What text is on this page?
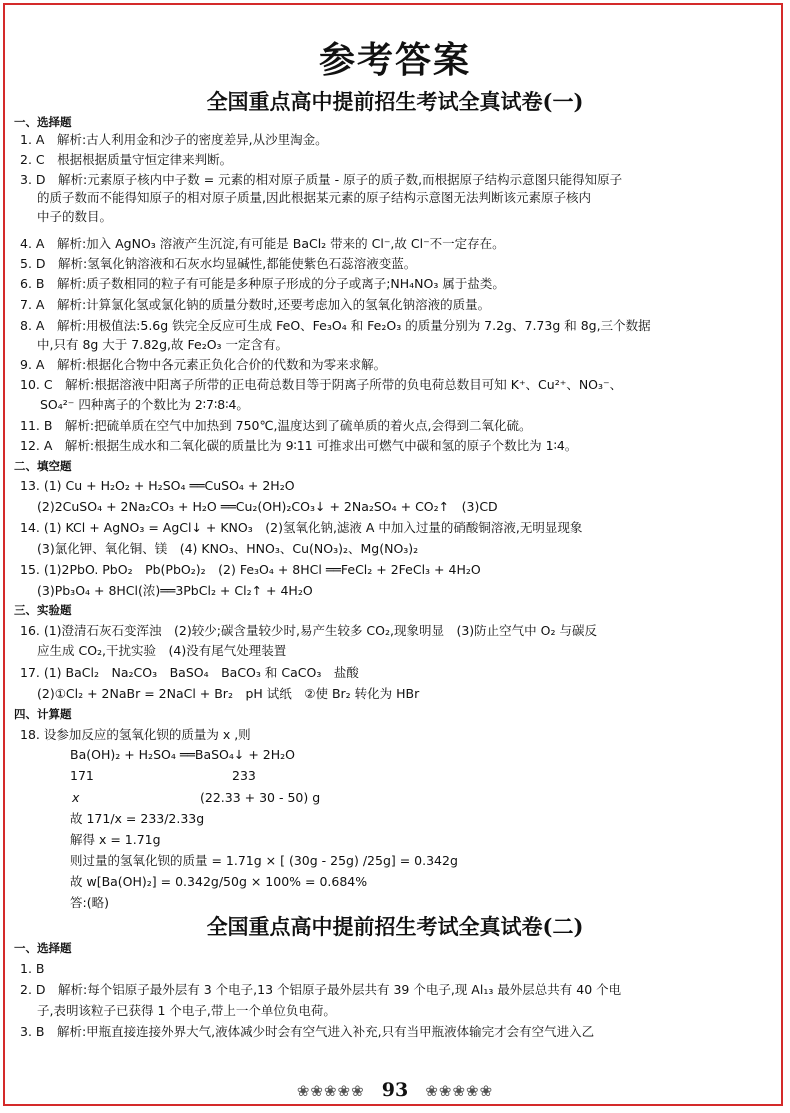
参考答案
全国重点高中提前招生考试全真试卷(一)
一、选择题
1. A　解析:古人利用金和沙子的密度差异,从沙里淘金。
2. C　根据根据质量守恒定律来判断。
3. D　解析:元素原子核内中子数 = 元素的相对原子质量 - 原子的质子数,而根据原子结构示意图只能得知原子
的质子数而不能得知原子的相对原子质量,因此根据某元素的原子结构示意图无法判断该元素原子核内
中子的数目。
4. A　解析:加入 AgNO₃ 溶液产生沉淀,有可能是 BaCl₂ 带来的 Cl⁻,故 Cl⁻不一定存在。
5. D　解析:氢氧化钠溶液和石灰水均显碱性,都能使紫色石蕊溶液变蓝。
6. B　解析:质子数相同的粒子有可能是多种原子形成的分子或离子;NH₄NO₃ 属于盐类。
7. A　解析:计算氯化氢或氯化钠的质量分数时,还要考虑加入的氢氧化钠溶液的质量。
8. A　解析:用极值法:5.6g 铁完全反应可生成 FeO、Fe₃O₄ 和 Fe₂O₃ 的质量分别为 7.2g、7.73g 和 8g,三个数据
中,只有 8g 大于 7.82g,故 Fe₂O₃ 一定含有。
9. A　解析:根据化合物中各元素正负化合价的代数和为零来求解。
10. C　解析:根据溶液中阳离子所带的正电荷总数目等于阴离子所带的负电荷总数目可知 K⁺、Cu²⁺、NO₃⁻、
SO₄²⁻ 四种离子的个数比为 2∶7∶8∶4。
11. B　解析:把硫单质在空气中加热到 750℃,温度达到了硫单质的着火点,会得到二氧化硫。
12. A　解析:根据生成水和二氧化碳的质量比为 9∶11 可推求出可燃气中碳和氢的原子个数比为 1∶4。
二、填空题
13. (1) Cu + H₂O₂ + H₂SO₄ ══CuSO₄ + 2H₂O
(2)2CuSO₄ + 2Na₂CO₃ + H₂O ══Cu₂(OH)₂CO₃↓ + 2Na₂SO₄ + CO₂↑　(3)CD
14. (1) KCl + AgNO₃ = AgCl↓ + KNO₃　(2)氢氧化钠,滤液 A 中加入过量的硝酸铜溶液,无明显现象
(3)氯化钾、氧化铜、镁　(4) KNO₃、HNO₃、Cu(NO₃)₂、Mg(NO₃)₂
15. (1)2PbO. PbO₂　Pb(PbO₂)₂　(2) Fe₃O₄ + 8HCl ══FeCl₂ + 2FeCl₃ + 4H₂O
(3)Pb₃O₄ + 8HCl(浓)══3PbCl₂ + Cl₂↑ + 4H₂O
三、实验题
16. (1)澄清石灰石变浑浊　(2)较少;碳含量较少时,易产生较多 CO₂,现象明显　(3)防止空气中 O₂ 与碳反
应生成 CO₂,干扰实验　(4)没有尾气处理装置
17. (1) BaCl₂　Na₂CO₃　BaSO₄　BaCO₃ 和 CaCO₃　盐酸
(2)①Cl₂ + 2NaBr = 2NaCl + Br₂　pH 试纸　②使 Br₂ 转化为 HBr
四、计算题
18. 设参加反应的氢氧化钡的质量为 x ,则
Ba(OH)₂ + H₂SO₄ ══BaSO₄↓ + 2H₂O
171	233
x	(22.33 + 30 - 50) g
故 171/x = 233/2.33g
解得 x = 1.71g
则过量的氢氧化钡的质量 = 1.71g × [ (30g - 25g) /25g] = 0.342g
故 w[Ba(OH)₂] = 0.342g/50g × 100% = 0.684%
答:(略)
全国重点高中提前招生考试全真试卷(二)
一、选择题
1. B
2. D　解析:每个铝原子最外层有 3 个电子,13 个铝原子最外层共有 39 个电子,现 Al₁₃ 最外层总共有 40 个电
子,表明该粒子已获得 1 个电子,带上一个单位负电荷。
3. B　解析:甲瓶直接连接外界大气,液体减少时会有空气进入补充,只有当甲瓶液体输完才会有空气进入乙
❀❀❀❀❀ 93 ❀❀❀❀❀
